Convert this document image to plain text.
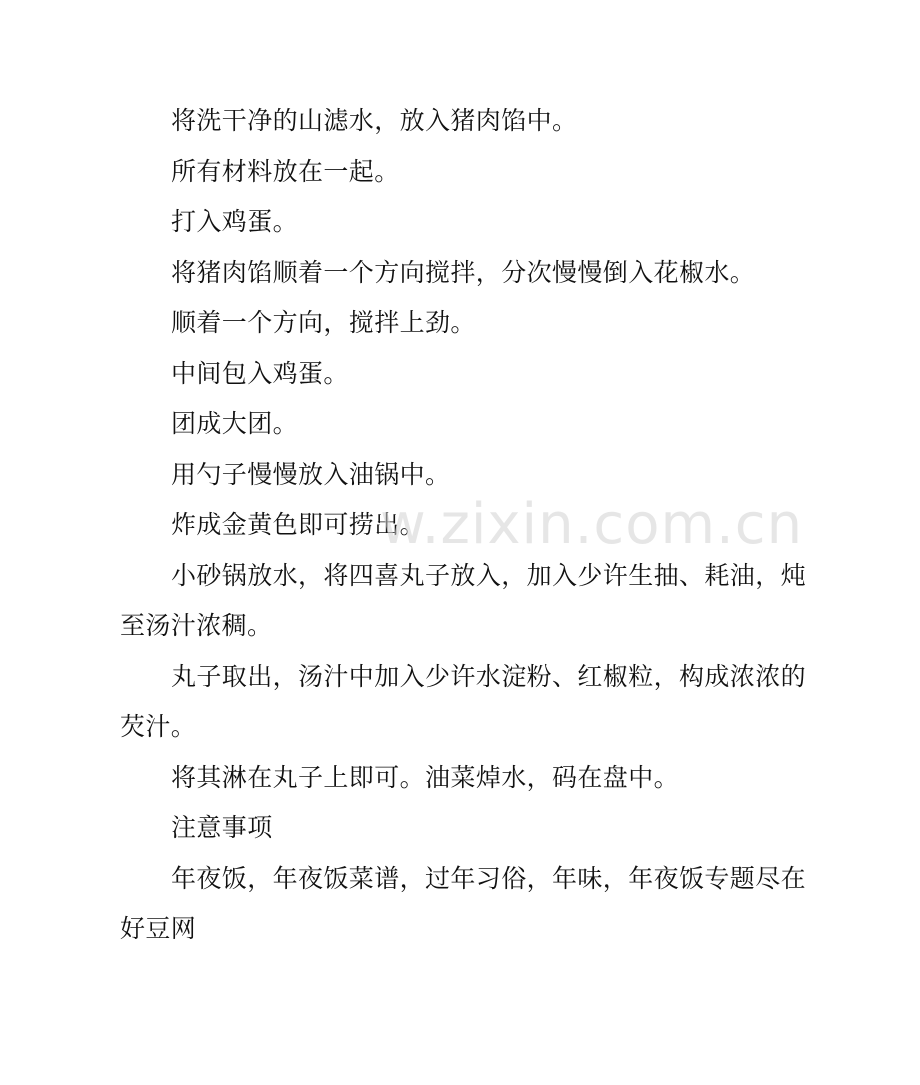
将洗干净的山滤水，放入猪肉馅中。

所有材料放在一起。

打入鸡蛋。

将猪肉馅顺着一个方向搅拌，分次慢慢倒入花椒水。

顺着一个方向，搅拌上劲。

中间包入鸡蛋。

团成大团。

用勺子慢慢放入油锅中。

炸成金黄色即可捞出。

小砂锅放水，将四喜丸子放入，加入少许生抽、耗油，炖至汤汁浓稠。

丸子取出，汤汁中加入少许水淀粉、红椒粒，构成浓浓的芡汁。

将其淋在丸子上即可。油菜焯水，码在盘中。

注意事项

年夜饭，年夜饭菜谱，过年习俗，年味，年夜饭专题尽在好豆网

w.zixin.com.cn
